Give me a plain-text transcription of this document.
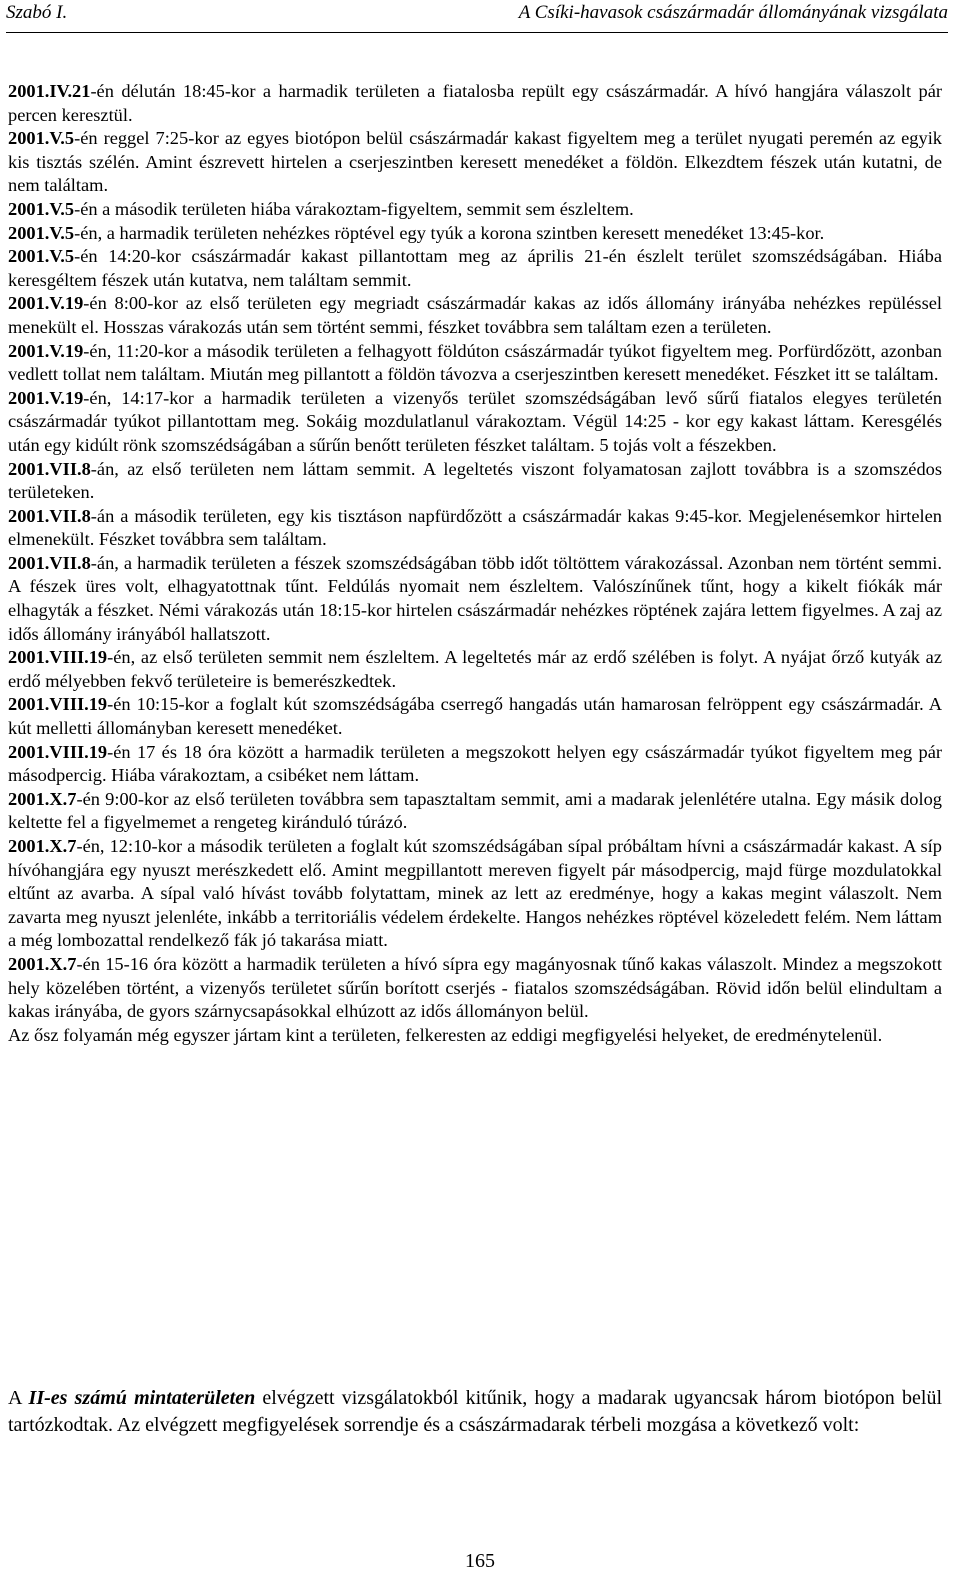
Szabó I.	A Csíki-havasok császármadár állományának vizsgálata

2001.IV.21-én délután 18:45-kor a harmadik területen a fiatalosba repült egy császármadár. A hívó hangjára válaszolt pár percen keresztül.

2001.V.5-én reggel 7:25-kor az egyes biotópon belül császármadár kakast figyeltem meg a terület nyugati peremén az egyik kis tisztás szélén. Amint észrevett hirtelen a cserjeszintben keresett menedéket a földön. Elkezdtem fészek után kutatni, de nem találtam.

2001.V.5-én a második területen hiába várakoztam-figyeltem, semmit sem észleltem.

2001.V.5-én, a harmadik területen nehézkes röptével egy tyúk a korona szintben keresett menedéket 13:45-kor.

2001.V.5-én 14:20-kor császármadár kakast pillantottam meg az április 21-én észlelt terület szomszédságában. Hiába keresgéltem fészek után kutatva, nem találtam semmit.

2001.V.19-én 8:00-kor az első területen egy megriadt császármadár kakas az idős állomány irányába nehézkes repüléssel menekült el. Hosszas várakozás után sem történt semmi, fészket továbbra sem találtam ezen a területen.

2001.V.19-én, 11:20-kor a második területen a felhagyott földúton császármadár tyúkot figyeltem meg. Porfürdőzött, azonban vedlett tollat nem találtam. Miután meg pillantott a földön távozva a cserjeszintben keresett menedéket. Fészket itt se találtam.

2001.V.19-én, 14:17-kor a harmadik területen a vizenyős terület szomszédságában levő sűrű fiatalos elegyes területén császármadár tyúkot pillantottam meg. Sokáig mozdulatlanul várakoztam. Végül 14:25 - kor egy kakast láttam. Keresgélés után egy kidúlt rönk szomszédságában a sűrűn benőtt területen fészket találtam. 5 tojás volt a fészekben.

2001.VII.8-án, az első területen nem láttam semmit. A legeltetés viszont folyamatosan zajlott továbbra is a szomszédos területeken.

2001.VII.8-án a második területen, egy kis tisztáson napfürdőzött a császármadár kakas 9:45-kor. Megjelenésemkor hirtelen elmenekült. Fészket továbbra sem találtam.

2001.VII.8-án, a harmadik területen a fészek szomszédságában több időt töltöttem várakozással. Azonban nem történt semmi. A fészek üres volt, elhagyatottnak tűnt. Feldúlás nyomait nem észleltem. Valószínűnek tűnt, hogy a kikelt fiókák már elhagyták a fészket. Némi várakozás után 18:15-kor hirtelen császármadár nehézkes röptének zajára lettem figyelmes. A zaj az idős állomány irányából hallatszott.

2001.VIII.19-én, az első területen semmit nem észleltem. A legeltetés már az erdő szélében is folyt. A nyájat őrző kutyák az erdő mélyebben fekvő területeire is bemerészkedtek.

2001.VIII.19-én 10:15-kor a foglalt kút szomszédságába cserregő hangadás után hamarosan felröppent egy császármadár. A kút melletti állományban keresett menedéket.

2001.VIII.19-én 17 és 18 óra között a harmadik területen a megszokott helyen egy császármadár tyúkot figyeltem meg pár másodpercig. Hiába várakoztam, a csibéket nem láttam.

2001.X.7-én 9:00-kor az első területen továbbra sem tapasztaltam semmit, ami a madarak jelenlétére utalna. Egy másik dolog keltette fel a figyelmemet a rengeteg kiránduló túrázó.

2001.X.7-én, 12:10-kor a második területen a foglalt kút szomszédságában sípal próbáltam hívni a császármadár kakast. A síp hívóhangjára egy nyuszt merészkedett elő. Amint megpillantott mereven figyelt pár másodpercig, majd fürge mozdulatokkal eltűnt az avarba. A sípal való hívást tovább folytattam, minek az lett az eredménye, hogy a kakas megint válaszolt. Nem zavarta meg nyuszt jelenléte, inkább a territoriális védelem érdekelte. Hangos nehézkes röptével közeledett felém. Nem láttam a még lombozattal rendelkező fák jó takarása miatt.

2001.X.7-én 15-16 óra között a harmadik területen a hívó sípra egy magányosnak tűnő kakas válaszolt. Mindez a megszokott hely közelében történt, a vizenyős területet sűrűn borított cserjés - fiatalos szomszédságában. Rövid időn belül elindultam a kakas irányába, de gyors szárnycsapásokkal elhúzott az idős állományon belül.

Az ősz folyamán még egyszer jártam kint a területen, felkeresten az eddigi megfigyelési helyeket, de eredménytelenül.

A II-es számú mintaterületen elvégzett vizsgálatokból kitűnik, hogy a madarak ugyancsak három biotópon belül tartózkodtak. Az elvégzett megfigyelések sorrendje és a császármadarak térbeli mozgása a következő volt:
165
